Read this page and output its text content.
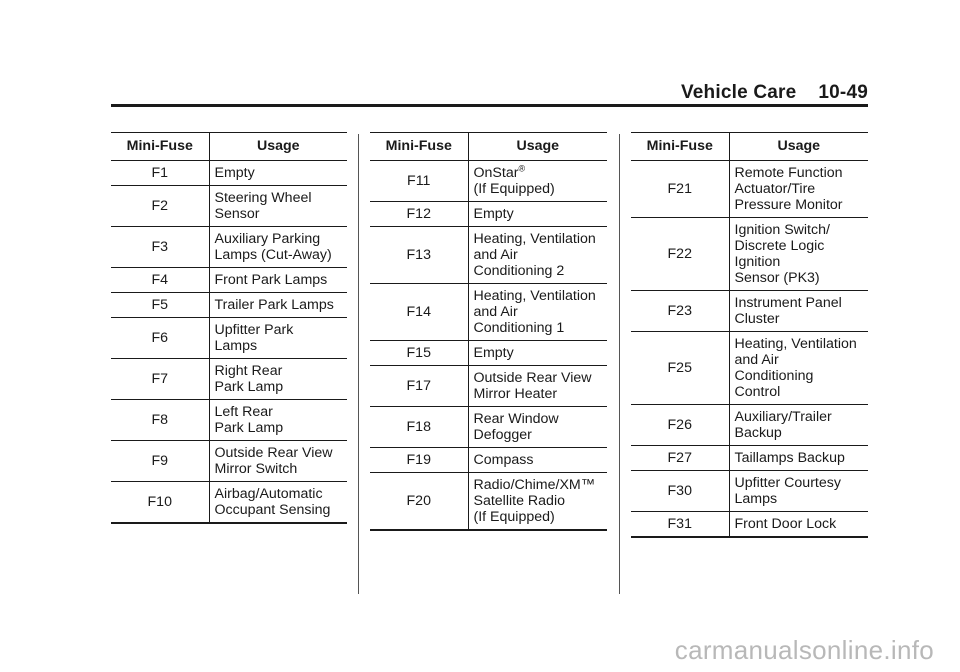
Vehicle Care 10-49
Mini-Fuse	Usage
F1	Empty
F2	Steering Wheel
Sensor
F3	Auxiliary Parking
Lamps (Cut-Away)
F4	Front Park Lamps
F5	Trailer Park Lamps
F6	Upfitter Park
Lamps
F7	Right Rear
Park Lamp
F8	Left Rear
Park Lamp
F9	Outside Rear View
Mirror Switch
F10	Airbag/Automatic
Occupant Sensing
Mini-Fuse	Usage
F11	OnStar®
(If Equipped)
F12	Empty
F13	Heating, Ventilation
and Air
Conditioning 2
F14	Heating, Ventilation
and Air
Conditioning 1
F15	Empty
F17	Outside Rear View
Mirror Heater
F18	Rear Window
Defogger
F19	Compass
F20	Radio/Chime/XM™
Satellite Radio
(If Equipped)
Mini-Fuse	Usage
F21	Remote Function
Actuator/Tire
Pressure Monitor
F22	Ignition Switch/
Discrete Logic
Ignition
Sensor (PK3)
F23	Instrument Panel
Cluster
F25	Heating, Ventilation
and Air
Conditioning
Control
F26	Auxiliary/Trailer
Backup
F27	Taillamps Backup
F30	Upfitter Courtesy
Lamps
F31	Front Door Lock
carmanualsonline.info
